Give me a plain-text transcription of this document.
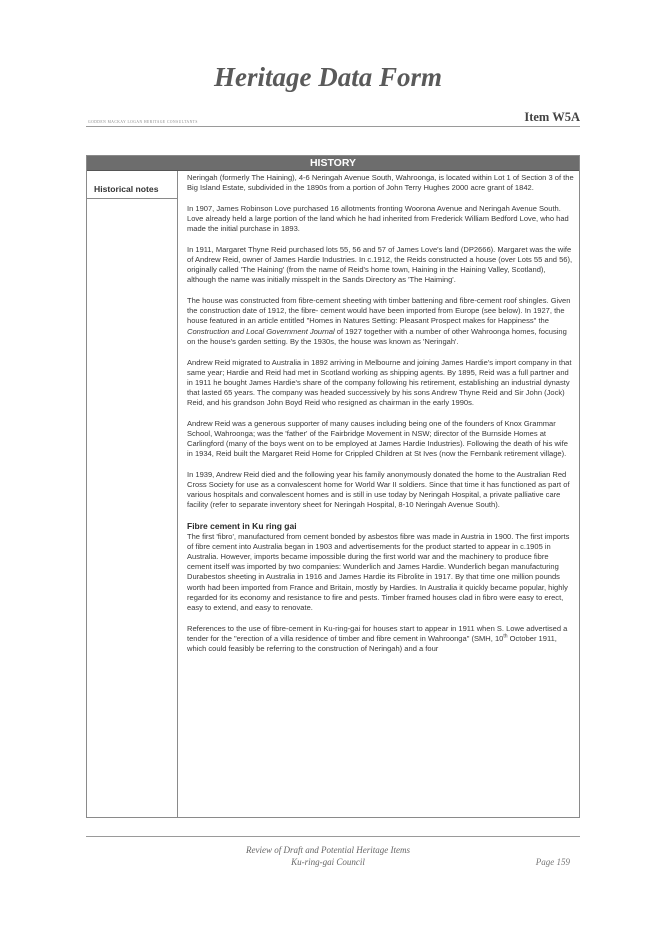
Heritage Data Form
Item W5A
GODDEN MACKAY LOGAN HERITAGE CONSULTANTS
HISTORY
Historical notes

Neringah (formerly The Haining), 4-6 Neringah Avenue South, Wahroonga, is located within Lot 1 of Section 3 of the Big Island Estate, subdivided in the 1890s from a portion of John Terry Hughes 2000 acre grant of 1842.

In 1907, James Robinson Love purchased 16 allotments fronting Woorona Avenue and Neringah Avenue South. Love already held a large portion of the land which he had inherited from Frederick William Bedford Love, who had made the initial purchase in 1893.

In 1911, Margaret Thyne Reid purchased lots 55, 56 and 57 of James Love's land (DP2666). Margaret was the wife of Andrew Reid, owner of James Hardie Industries. In c.1912, the Reids constructed a house (over Lots 55 and 56), originally called 'The Haining' (from the name of Reid's home town, Haining in the Haining Valley, Scotland), although the name was initially misspelt in the Sands Directory as 'The Haiming'.

The house was constructed from fibre-cement sheeting with timber battening and fibre-cement roof shingles. Given the construction date of 1912, the fibre- cement would have been imported from Europe (see below). In 1927, the house featured in an article entitled "Homes in Natures Setting: Pleasant Prospect makes for Happiness" the Construction and Local Government Journal of 1927 together with a number of other Wahroonga homes, focusing on the house's garden setting. By the 1930s, the house was known as 'Neringah'.

Andrew Reid migrated to Australia in 1892 arriving in Melbourne and joining James Hardie's import company in that same year; Hardie and Reid had met in Scotland working as shipping agents. By 1895, Reid was a full partner and in 1911 he bought James Hardie's share of the company following his retirement, establishing an industrial dynasty that lasted 65 years. The company was headed successively by his sons Andrew Thyne Reid and Sir John (Jock) Reid, and his grandson John Boyd Reid who resigned as chairman in the early 1990s.

Andrew Reid was a generous supporter of many causes including being one of the founders of Knox Grammar School, Wahroonga; was the 'father' of the Fairbridge Movement in NSW; director of the Burnside Homes at Carlingford (many of the boys went on to be employed at James Hardie Industries). Following the death of his wife in 1934, Reid built the Margaret Reid Home for Crippled Children at St Ives (now the Fernbank retirement village).

In 1939, Andrew Reid died and the following year his family anonymously donated the home to the Australian Red Cross Society for use as a convalescent home for World War II soldiers. Since that time it has functioned as part of various hospitals and convalescent homes and is still in use today by Neringah Hospital, a private palliative care facility (refer to separate inventory sheet for Neringah Hospital, 8-10 Neringah Avenue South).

Fibre cement in Ku ring gai

The first 'fibro', manufactured from cement bonded by asbestos fibre was made in Austria in 1900. The first imports of fibre cement into Australia began in 1903 and advertisements for the product started to appear in c.1905 in Australia. However, imports became impossible during the first world war and the machinery to produce fibre cement itself was imported by two companies: Wunderlich and James Hardie. Wunderlich began manufacturing Durabestos sheeting in Australia in 1916 and James Hardie its Fibrolite in 1917. By that time one million pounds worth had been imported from France and Britain, mostly by Hardies. In Australia it quickly became popular, highly regarded for its economy and resistance to fire and pests. Timber framed houses clad in fibro were easy to erect, easy to extend, and easy to renovate.

References to the use of fibre-cement in Ku-ring-gai for houses start to appear in 1911 when S. Lowe advertised a tender for the "erection of a villa residence of timber and fibre cement in Wahroonga" (SMH, 10th October 1911, which could feasibly be referring to the construction of Neringah) and a four

Review of Draft and Potential Heritage Items
Ku-ring-gai Council	Page 159
